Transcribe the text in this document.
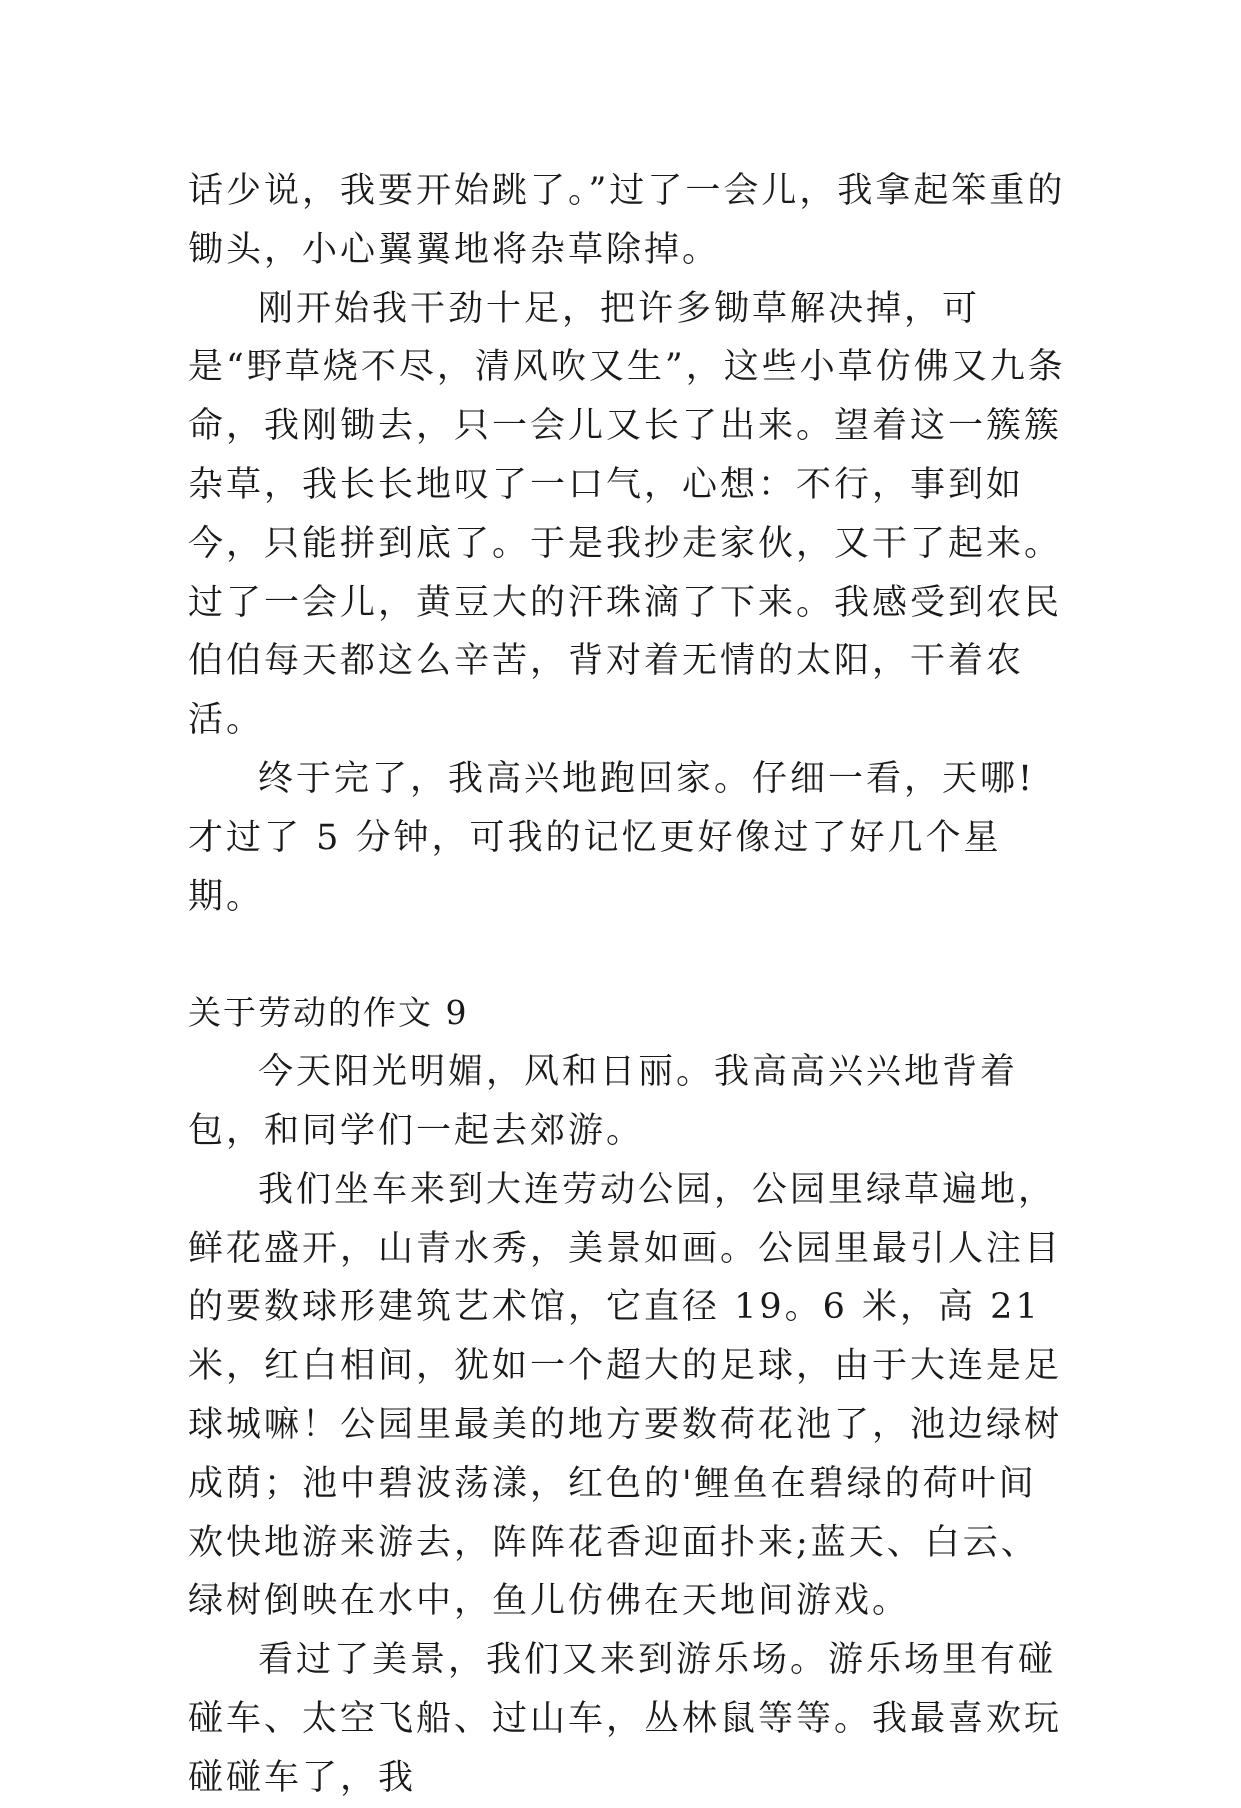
话少说，我要开始跳了。”过了一会儿，我拿起笨重的锄头，小心翼翼地将杂草除掉。

刚开始我干劲十足，把许多锄草解决掉，可是“野草烧不尽，清风吹又生”，这些小草仿佛又九条命，我刚锄去，只一会儿又长了出来。望着这一簇簇杂草，我长长地叹了一口气，心想：不行，事到如今，只能拼到底了。于是我抄走家伙，又干了起来。过了一会儿，黄豆大的汗珠滴了下来。我感受到农民伯伯每天都这么辛苦，背对着无情的太阳，干着农活。

终于完了，我高兴地跑回家。仔细一看，天哪!才过了 5 分钟，可我的记忆更好像过了好几个星期。

关于劳动的作文 9

今天阳光明媚，风和日丽。我高高兴兴地背着包，和同学们一起去郊游。

我们坐车来到大连劳动公园，公园里绿草遍地，鲜花盛开，山青水秀，美景如画。公园里最引人注目的要数球形建筑艺术馆，它直径 19。6 米，高 21 米，红白相间，犹如一个超大的足球，由于大连是足球城嘛！公园里最美的地方要数荷花池了，池边绿树成荫；池中碧波荡漾，红色的'鲤鱼在碧绿的荷叶间欢快地游来游去，阵阵花香迎面扑来;蓝天、白云、绿树倒映在水中，鱼儿仿佛在天地间游戏。

看过了美景，我们又来到游乐场。游乐场里有碰碰车、太空飞船、过山车，丛林鼠等等。我最喜欢玩碰碰车了，我
